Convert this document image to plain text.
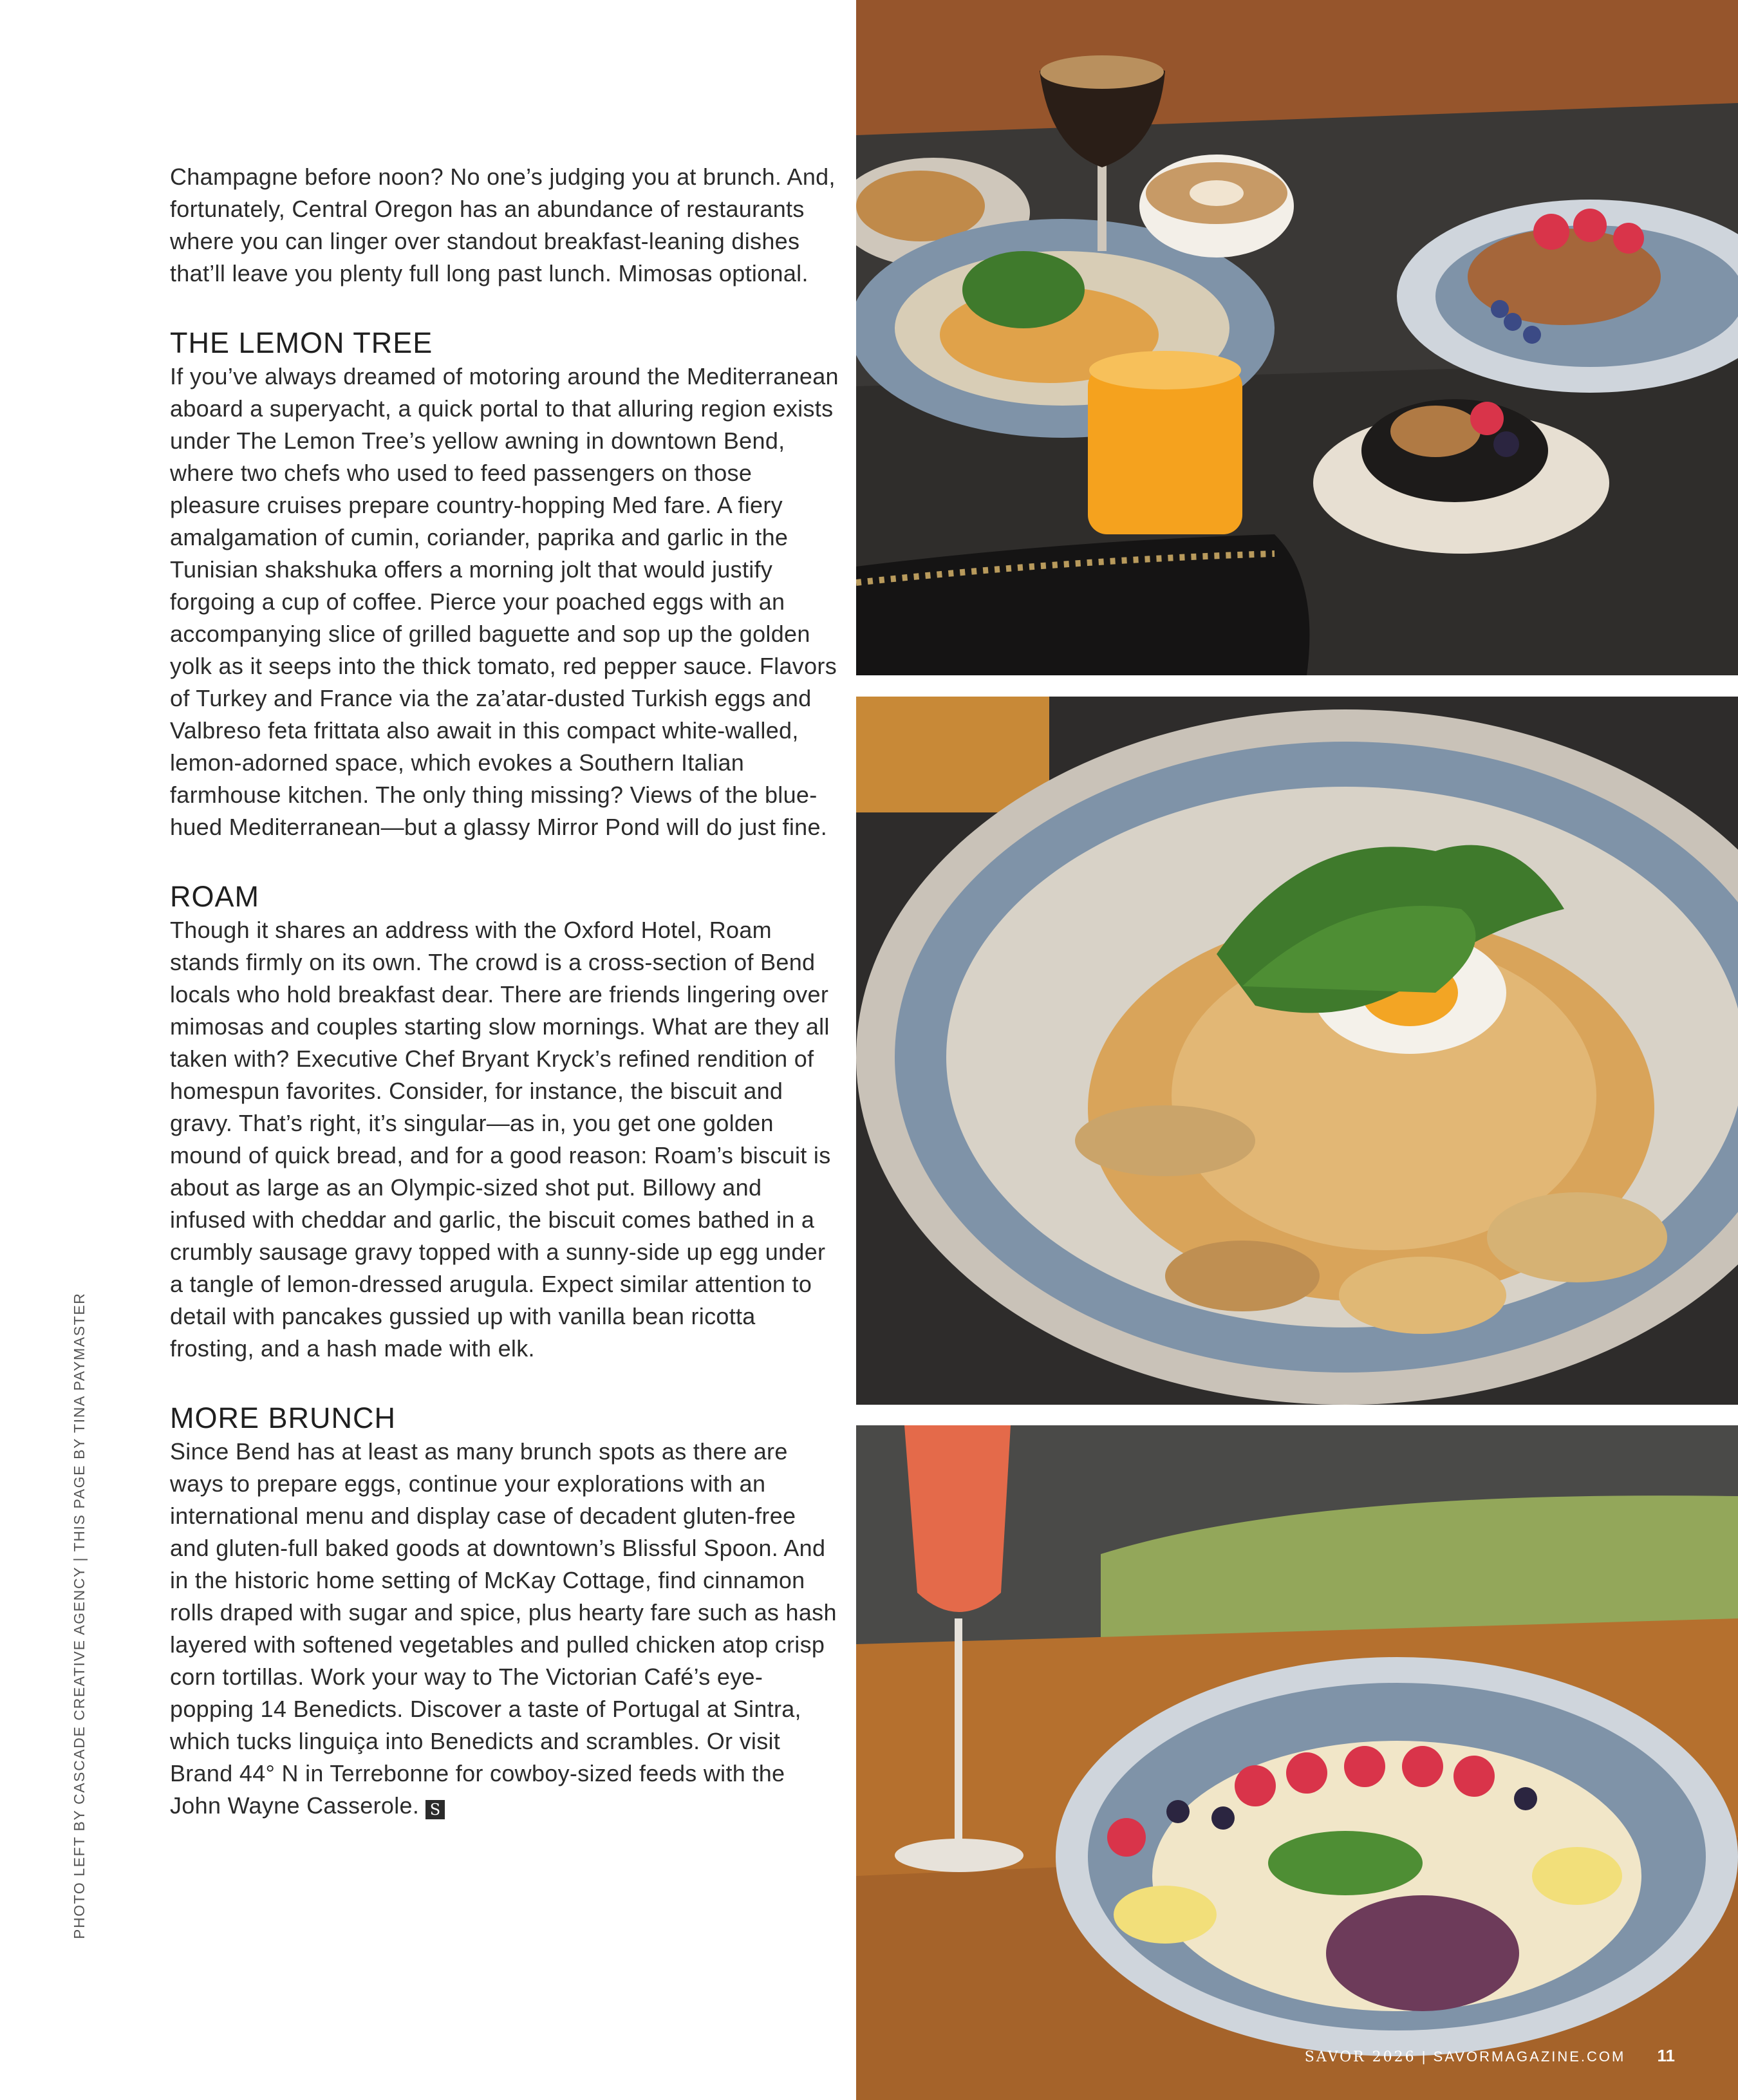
Champagne before noon? No one’s judging you at brunch. And, fortunately, Central Oregon has an abundance of restaurants where you can linger over standout breakfast-leaning dishes that’ll leave you plenty full long past lunch. Mimosas optional.

THE LEMON TREE

If you’ve always dreamed of motoring around the Mediterranean aboard a superyacht, a quick portal to that alluring region exists under The Lemon Tree’s yellow awning in downtown Bend, where two chefs who used to feed passengers on those pleasure cruises prepare country-hopping Med fare. A fiery amalgamation of cumin, coriander, paprika and garlic in the Tunisian shakshuka offers a morning jolt that would justify forgoing a cup of coffee. Pierce your poached eggs with an accompanying slice of grilled baguette and sop up the golden yolk as it seeps into the thick tomato, red pepper sauce. Flavors of Turkey and France via the za’atar-dusted Turkish eggs and Valbreso feta frittata also await in this compact white-walled, lemon-adorned space, which evokes a Southern Italian farmhouse kitchen. The only thing missing? Views of the blue-hued Mediterranean—but a glassy Mirror Pond will do just fine.

ROAM

Though it shares an address with the Oxford Hotel, Roam stands firmly on its own. The crowd is a cross-section of Bend locals who hold breakfast dear. There are friends lingering over mimosas and couples starting slow mornings. What are they all taken with? Executive Chef Bryant Kryck’s refined rendition of homespun favorites. Consider, for instance, the biscuit and gravy. That’s right, it’s singular—as in, you get one golden mound of quick bread, and for a good reason: Roam’s biscuit is about as large as an Olympic-sized shot put. Billowy and infused with cheddar and garlic, the biscuit comes bathed in a crumbly sausage gravy topped with a sunny-side up egg under a tangle of lemon-dressed arugula. Expect similar attention to detail with pancakes gussied up with vanilla bean ricotta frosting, and a hash made with elk.

MORE BRUNCH

Since Bend has at least as many brunch spots as there are ways to prepare eggs, continue your explorations with an international menu and display case of decadent gluten-free and gluten-full baked goods at downtown’s Blissful Spoon. And in the historic home setting of McKay Cottage, find cinnamon rolls draped with sugar and spice, plus hearty fare such as hash layered with softened vegetables and pulled chicken atop crisp corn tortillas. Work your way to The Victorian Café’s eye-popping 14 Benedicts. Discover a taste of Portugal at Sintra, which tucks linguiça into Benedicts and scrambles. Or visit Brand 44° N in Terrebonne for cowboy-sized feeds with the John Wayne Casserole. S

PHOTO LEFT BY CASCADE CREATIVE AGENCY | THIS PAGE BY TINA PAYMASTER
SAVOR 2026 | SAVORMAGAZINE.COM 11
